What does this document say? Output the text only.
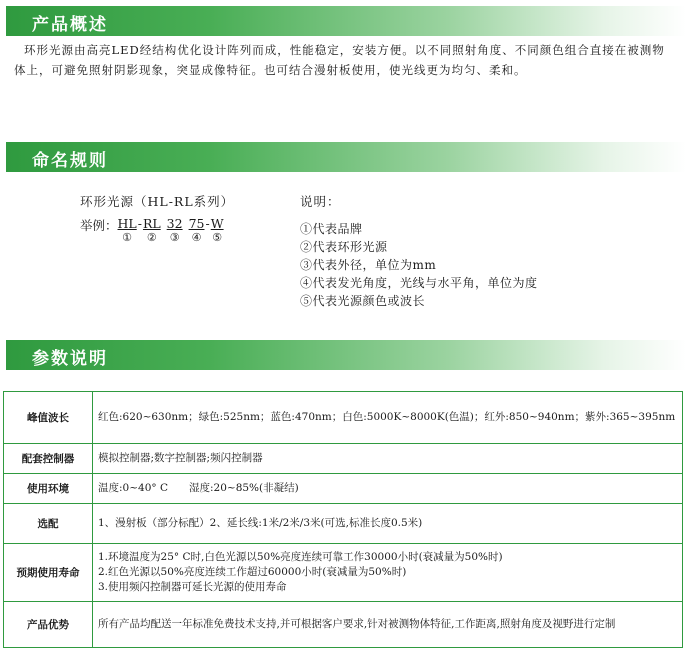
产品概述
环形光源由高亮LED经结构优化设计阵列而成，性能稳定，安装方便。以不同照射角度、不同颜色组合直接在被测物体上，可避免照射阴影现象，突显成像特征。也可结合漫射板使用，使光线更为均匀、柔和。
命名规则
环形光源（HL-RL系列）
举例： HL
①
- RL
②
32
③
75
④
- W
⑤
说明：
①代表品牌
②代表环形光源
③代表外径，单位为mm
④代表发光角度，光线与水平角，单位为度
⑤代表光源颜色或波长
参数说明
峰值波长	红色:620~630nm；绿色:525nm；蓝色:470nm；白色:5000K~8000K(色温)；红外:850~940nm；紫外:365~395nm
配套控制器	模拟控制器;数字控制器;频闪控制器
使用环境	温度:0~40° C　　湿度:20~85%(非凝结)
选配	1、漫射板（部分标配）2、延长线:1米/2米/3米(可选,标准长度0.5米)
预期使用寿命	1.环境温度为25° C时,白色光源以50%亮度连续可靠工作30000小时(衰减量为50%时)
2.红色光源以50%亮度连续工作超过60000小时(衰减量为50%时)
3.使用频闪控制器可延长光源的使用寿命
产品优势	所有产品均配送一年标准免费技术支持,并可根据客户要求,针对被测物体特征,工作距离,照射角度及视野进行定制
